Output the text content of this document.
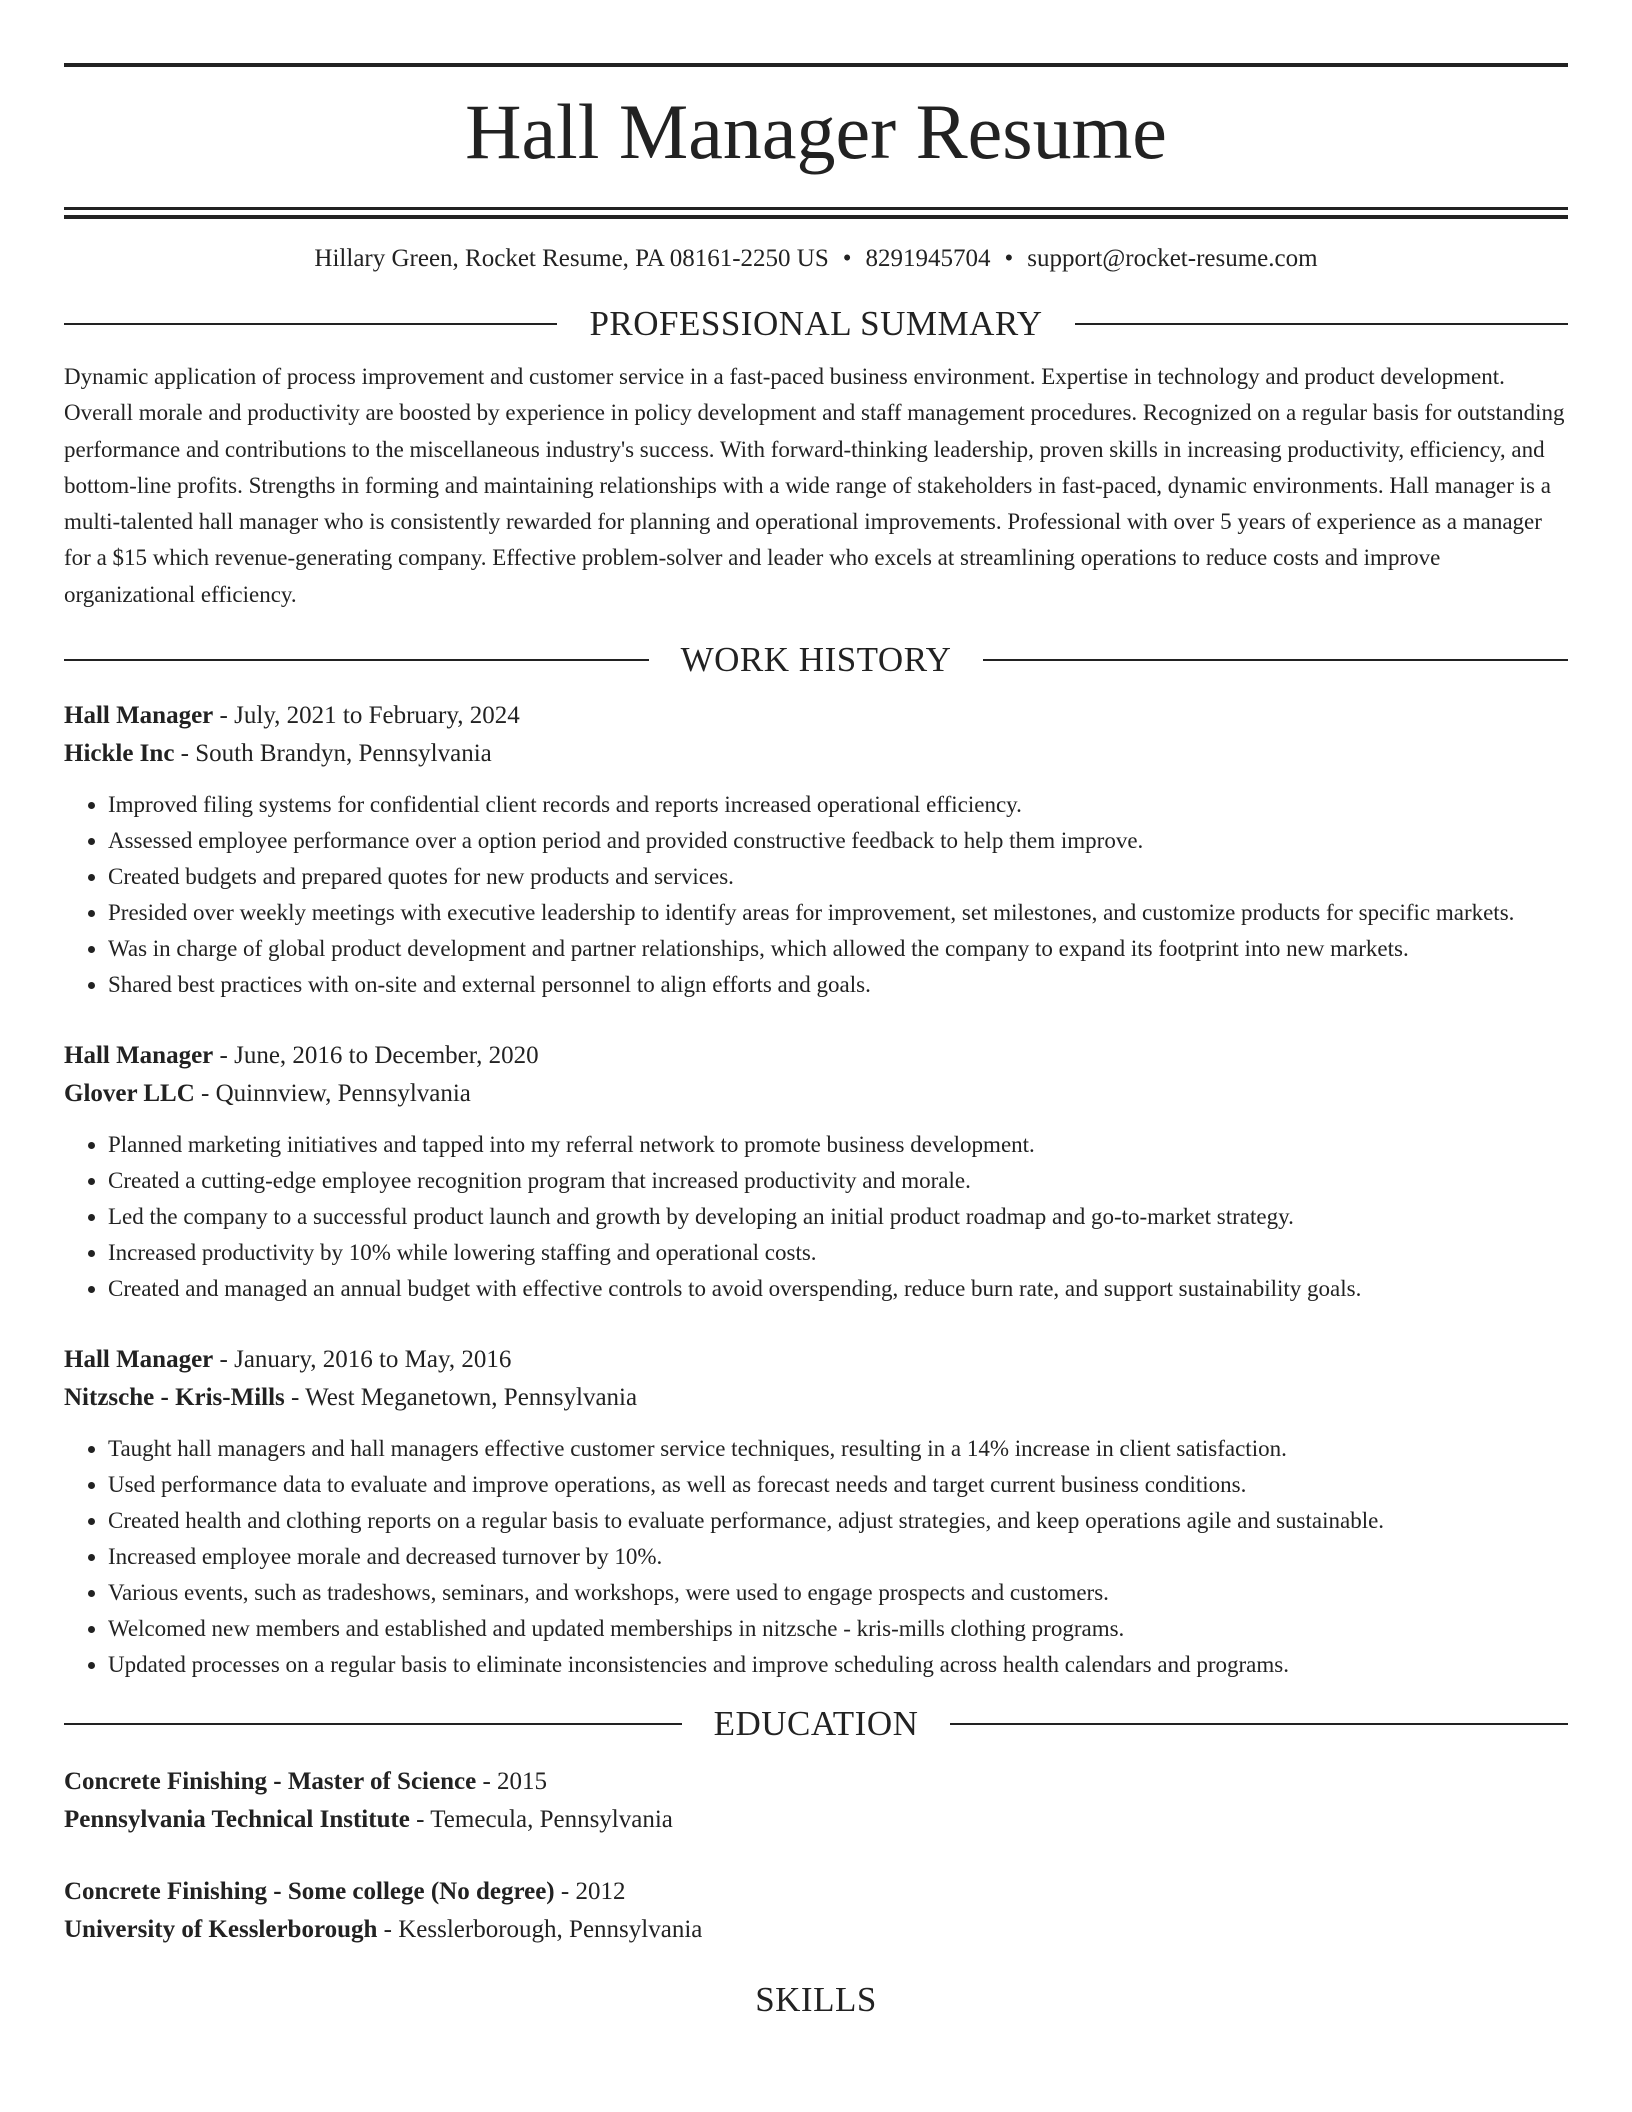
Hall Manager Resume
Hillary Green, Rocket Resume, PA 08161-2250 US • 8291945704 • support@rocket-resume.com
PROFESSIONAL SUMMARY

Dynamic application of process improvement and customer service in a fast-paced business environment. Expertise in technology and product development. Overall morale and productivity are boosted by experience in policy development and staff management procedures. Recognized on a regular basis for outstanding performance and contributions to the miscellaneous industry's success. With forward-thinking leadership, proven skills in increasing productivity, efficiency, and bottom-line profits. Strengths in forming and maintaining relationships with a wide range of stakeholders in fast-paced, dynamic environments. Hall manager is a multi-talented hall manager who is consistently rewarded for planning and operational improvements. Professional with over 5 years of experience as a manager for a $15 which revenue-generating company. Effective problem-solver and leader who excels at streamlining operations to reduce costs and improve organizational efficiency.

WORK HISTORY
Hall Manager - July, 2021 to February, 2024
Hickle Inc - South Brandyn, Pennsylvania
• Improved filing systems for confidential client records and reports increased operational efficiency.
• Assessed employee performance over a option period and provided constructive feedback to help them improve.
• Created budgets and prepared quotes for new products and services.
• Presided over weekly meetings with executive leadership to identify areas for improvement, set milestones, and customize products for specific markets.
• Was in charge of global product development and partner relationships, which allowed the company to expand its footprint into new markets.
• Shared best practices with on-site and external personnel to align efforts and goals.
Hall Manager - June, 2016 to December, 2020
Glover LLC - Quinnview, Pennsylvania
• Planned marketing initiatives and tapped into my referral network to promote business development.
• Created a cutting-edge employee recognition program that increased productivity and morale.
• Led the company to a successful product launch and growth by developing an initial product roadmap and go-to-market strategy.
• Increased productivity by 10% while lowering staffing and operational costs.
• Created and managed an annual budget with effective controls to avoid overspending, reduce burn rate, and support sustainability goals.
Hall Manager - January, 2016 to May, 2016
Nitzsche - Kris-Mills - West Meganetown, Pennsylvania
• Taught hall managers and hall managers effective customer service techniques, resulting in a 14% increase in client satisfaction.
• Used performance data to evaluate and improve operations, as well as forecast needs and target current business conditions.
• Created health and clothing reports on a regular basis to evaluate performance, adjust strategies, and keep operations agile and sustainable.
• Increased employee morale and decreased turnover by 10%.
• Various events, such as tradeshows, seminars, and workshops, were used to engage prospects and customers.
• Welcomed new members and established and updated memberships in nitzsche - kris-mills clothing programs.
• Updated processes on a regular basis to eliminate inconsistencies and improve scheduling across health calendars and programs.
EDUCATION
Concrete Finishing - Master of Science - 2015
Pennsylvania Technical Institute - Temecula, Pennsylvania
Concrete Finishing - Some college (No degree) - 2012
University of Kesslerborough - Kesslerborough, Pennsylvania
SKILLS
